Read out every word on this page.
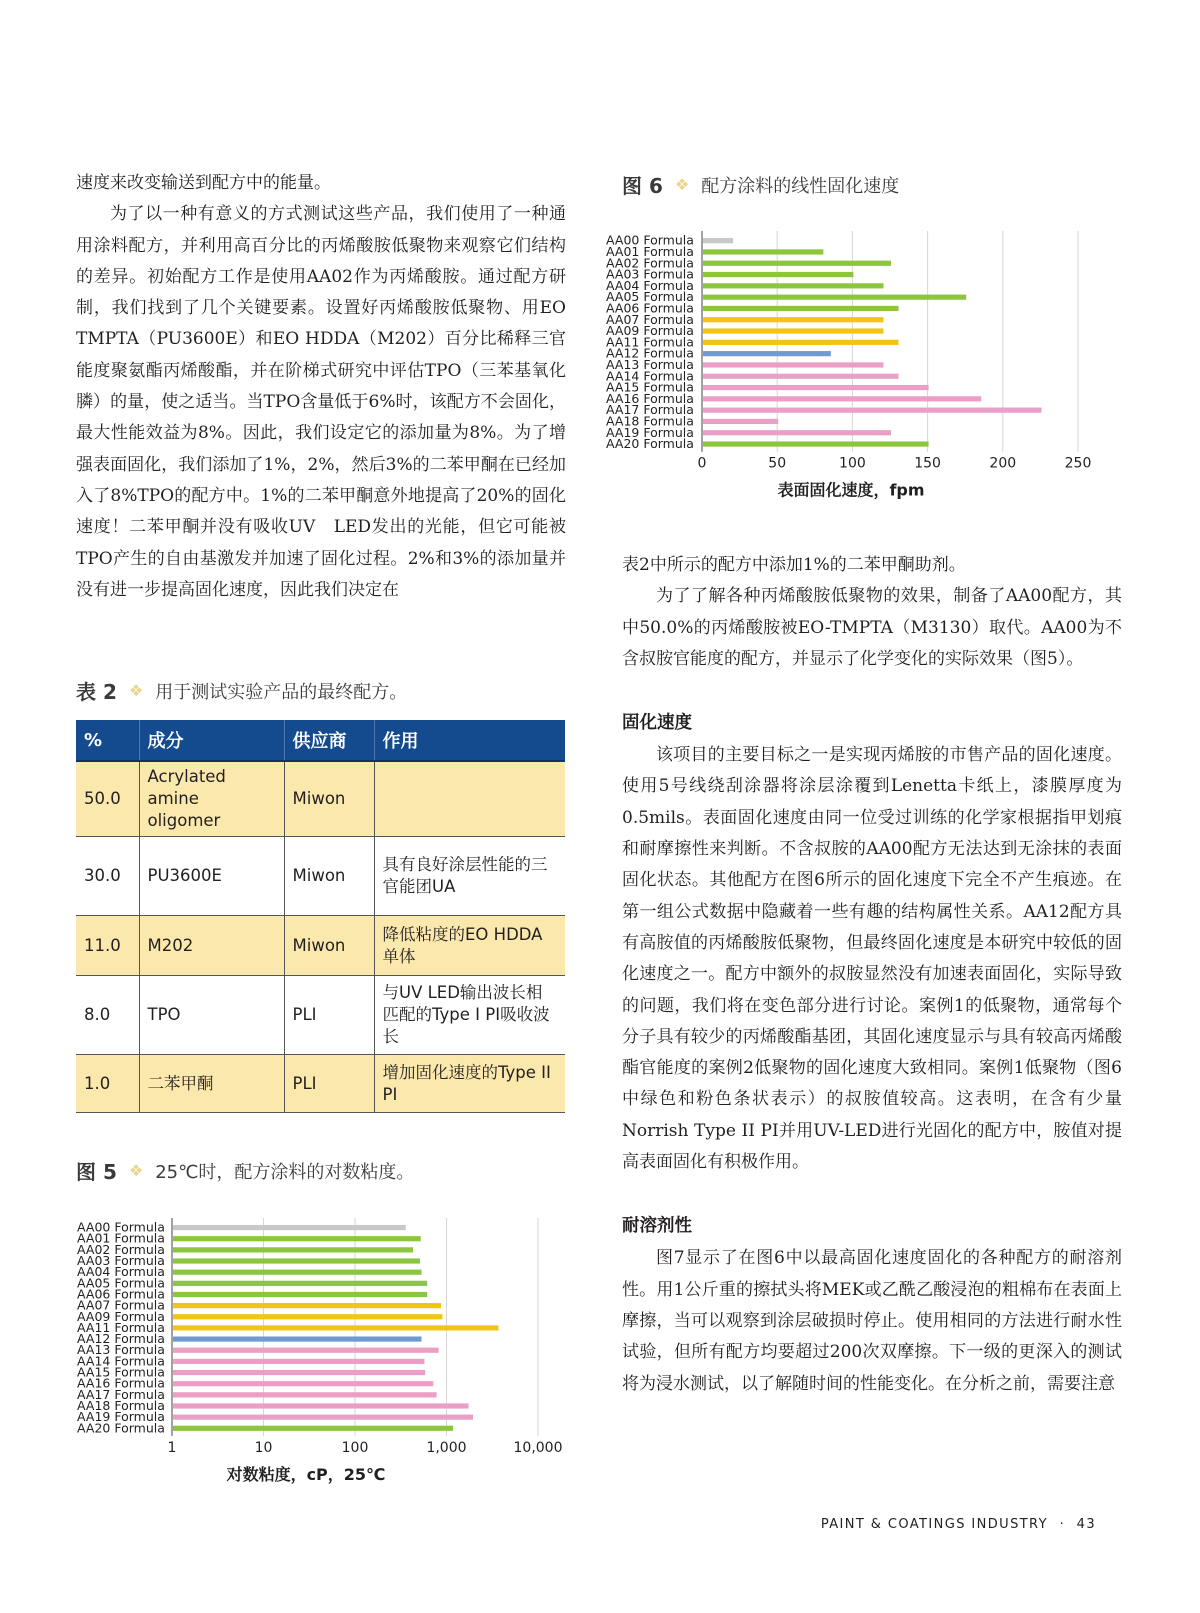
速度来改变输送到配方中的能量。

为了以一种有意义的方式测试这些产品，我们使用了一种通用涂料配方，并利用高百分比的丙烯酸胺低聚物来观察它们结构的差异。初始配方工作是使用AA02作为丙烯酸胺。通过配方研制，我们找到了几个关键要素。设置好丙烯酸胺低聚物、用EO TMPTA（PU3600E）和EO HDDA（M202）百分比稀释三官能度聚氨酯丙烯酸酯，并在阶梯式研究中评估TPO（三苯基氧化膦）的量，使之适当。当TPO含量低于6%时，该配方不会固化，最大性能效益为8%。因此，我们设定它的添加量为8%。为了增强表面固化，我们添加了1%，2%，然后3%的二苯甲酮在已经加入了8%TPO的配方中。1%的二苯甲酮意外地提高了20%的固化速度！二苯甲酮并没有吸收UV　LED发出的光能，但它可能被TPO产生的自由基激发并加速了固化过程。2%和3%的添加量并没有进一步提高固化速度，因此我们决定在

表 2 ❖ 用于测试实验产品的最终配方。
%	成分	供应商	作用
50.0	Acrylated amine oligomer	Miwon	
30.0	PU3600E	Miwon	具有良好涂层性能的三官能团UA
11.0	M202	Miwon	降低粘度的EO HDDA单体
8.0	TPO	PLI	与UV LED输出波长相匹配的Type I PI吸收波长
1.0	二苯甲酮	PLI	增加固化速度的Type II PI
图 5 ❖ 25℃时，配方涂料的对数粘度。
AA00 Formula
AA01 Formula
AA02 Formula
AA03 Formula
AA04 Formula
AA05 Formula
AA06 Formula
AA07 Formula
AA09 Formula
AA11 Formula
AA12 Formula
AA13 Formula
AA14 Formula
AA15 Formula
AA16 Formula
AA17 Formula
AA18 Formula
AA19 Formula
AA20 Formula
1	10	100	1,000	10,000
对数粘度，cP，25℃
图 6 ❖ 配方涂料的线性固化速度
AA00 Formula
AA01 Formula
AA02 Formula
AA03 Formula
AA04 Formula
AA05 Formula
AA06 Formula
AA07 Formula
AA09 Formula
AA11 Formula
AA12 Formula
AA13 Formula
AA14 Formula
AA15 Formula
AA16 Formula
AA17 Formula
AA18 Formula
AA19 Formula
AA20 Formula
0	50	100	150	200	250
表面固化速度，fpm

表2中所示的配方中添加1%的二苯甲酮助剂。

为了了解各种丙烯酸胺低聚物的效果，制备了AA00配方，其中50.0%的丙烯酸胺被EO-TMPTA（M3130）取代。AA00为不含叔胺官能度的配方，并显示了化学变化的实际效果（图5）。

固化速度

该项目的主要目标之一是实现丙烯胺的市售产品的固化速度。使用5号线绕刮涂器将涂层涂覆到Lenetta卡纸上，漆膜厚度为0.5mils。表面固化速度由同一位受过训练的化学家根据指甲划痕和耐摩擦性来判断。不含叔胺的AA00配方无法达到无涂抹的表面固化状态。其他配方在图6所示的固化速度下完全不产生痕迹。在第一组公式数据中隐藏着一些有趣的结构属性关系。AA12配方具有高胺值的丙烯酸胺低聚物，但最终固化速度是本研究中较低的固化速度之一。配方中额外的叔胺显然没有加速表面固化，实际导致的问题，我们将在变色部分进行讨论。案例1的低聚物，通常每个分子具有较少的丙烯酸酯基团，其固化速度显示与具有较高丙烯酸酯官能度的案例2低聚物的固化速度大致相同。案例1低聚物（图6中绿色和粉色条状表示）的叔胺值较高。这表明，在含有少量Norrish Type II PI并用UV-LED进行光固化的配方中，胺值对提高表面固化有积极作用。

耐溶剂性

图7显示了在图6中以最高固化速度固化的各种配方的耐溶剂性。用1公斤重的擦拭头将MEK或乙酰乙酸浸泡的粗棉布在表面上摩擦，当可以观察到涂层破损时停止。使用相同的方法进行耐水性试验，但所有配方均要超过200次双摩擦。下一级的更深入的测试将为浸水测试，以了解随时间的性能变化。在分析之前，需要注意

PAINT & COATINGS INDUSTRY · 43
